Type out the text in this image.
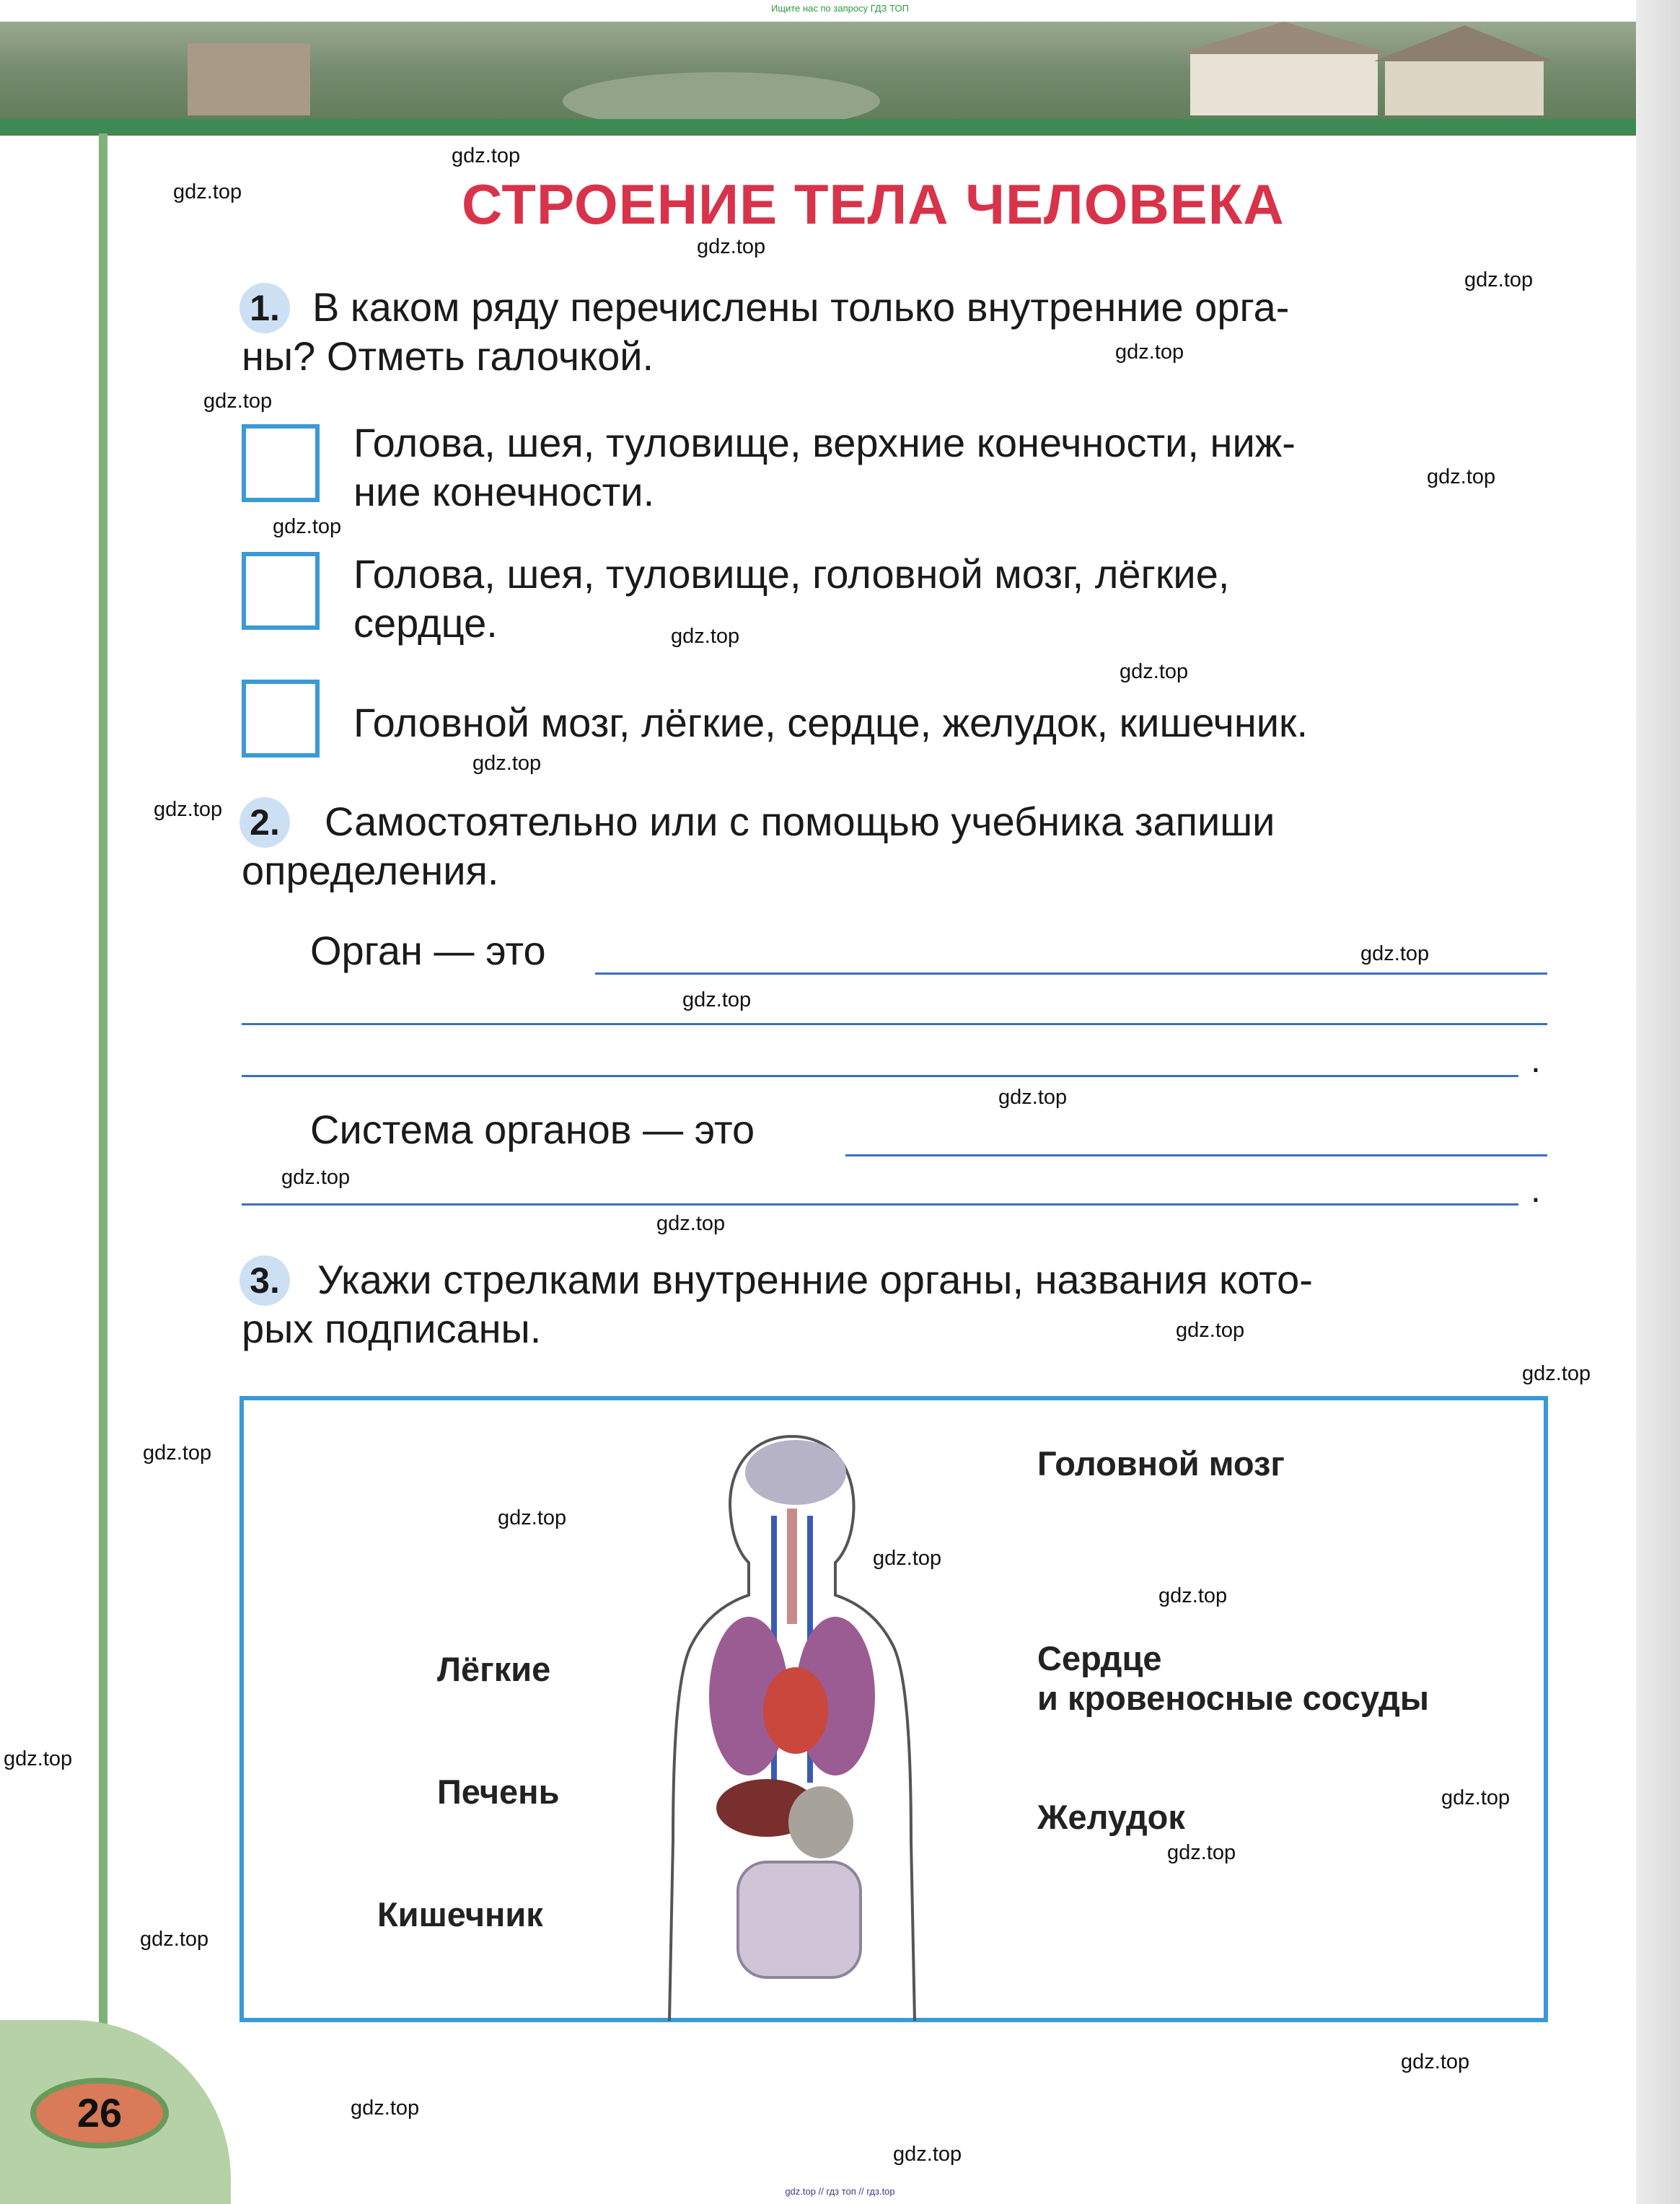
Ищите нас по запросу ГДЗ ТОП
СТРОЕНИЕ ТЕЛА ЧЕЛОВЕКА
1. В каком ряду перечислены только внутренние орга-
ны? Отметь галочкой.
Голова, шея, туловище, верхние конечности, ниж-
ние конечности.
Голова, шея, туловище, головной мозг, лёгкие,
сердце.
Головной мозг, лёгкие, сердце, желудок, кишечник.
2. Самостоятельно или с помощью учебника запиши
определения.
Орган — это
.
Система органов — это
.
3. Укажи стрелками внутренние органы, названия кото-
рых подписаны.
Головной мозг
Сердце
и кровеносные сосуды
Желудок
Лёгкие
Печень
Кишечник
26
gdz.top
gdz.top
gdz.top
gdz.top
gdz.top
gdz.top
gdz.top
gdz.top
gdz.top
gdz.top
gdz.top
gdz.top
gdz.top
gdz.top
gdz.top
gdz.top
gdz.top
gdz.top
gdz.top
gdz.top
gdz.top
gdz.top
gdz.top
gdz.top
gdz.top
gdz.top
gdz.top
gdz.top
gdz.top
gdz.top
gdz.top // гдз топ // гдз.top
